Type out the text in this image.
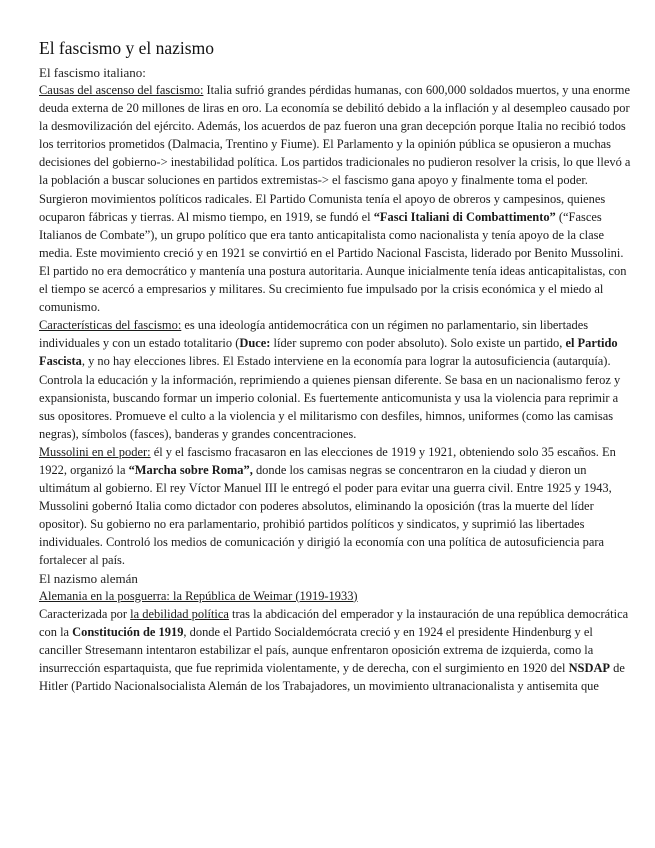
El fascismo y el nazismo
El fascismo italiano:

Causas del ascenso del fascismo: Italia sufrió grandes pérdidas humanas, con 600,000 soldados muertos, y una enorme deuda externa de 20 millones de liras en oro. La economía se debilitó debido a la inflación y al desempleo causado por la desmovilización del ejército. Además, los acuerdos de paz fueron una gran decepción porque Italia no recibió todos los territorios prometidos (Dalmacia, Trentino y Fiume). El Parlamento y la opinión pública se opusieron a muchas decisiones del gobierno-> inestabilidad política. Los partidos tradicionales no pudieron resolver la crisis, lo que llevó a la población a buscar soluciones en partidos extremistas-> el fascismo gana apoyo y finalmente toma el poder.

Surgieron movimientos políticos radicales. El Partido Comunista tenía el apoyo de obreros y campesinos, quienes ocuparon fábricas y tierras. Al mismo tiempo, en 1919, se fundó el “Fasci Italiani di Combattimento” (“Fasces Italianos de Combate”), un grupo político que era tanto anticapitalista como nacionalista y tenía apoyo de la clase media. Este movimiento creció y en 1921 se convirtió en el Partido Nacional Fascista, liderado por Benito Mussolini. El partido no era democrático y mantenía una postura autoritaria. Aunque inicialmente tenía ideas anticapitalistas, con el tiempo se acercó a empresarios y militares. Su crecimiento fue impulsado por la crisis económica y el miedo al comunismo.

Características del fascismo: es una ideología antidemocrática con un régimen no parlamentario, sin libertades individuales y con un estado totalitario (Duce: líder supremo con poder absoluto). Solo existe un partido, el Partido Fascista, y no hay elecciones libres. El Estado interviene en la economía para lograr la autosuficiencia (autarquía). Controla la educación y la información, reprimiendo a quienes piensan diferente. Se basa en un nacionalismo feroz y expansionista, buscando formar un imperio colonial. Es fuertemente anticomunista y usa la violencia para reprimir a sus opositores. Promueve el culto a la violencia y el militarismo con desfiles, himnos, uniformes (como las camisas negras), símbolos (fasces), banderas y grandes concentraciones.

Mussolini en el poder: él y el fascismo fracasaron en las elecciones de 1919 y 1921, obteniendo solo 35 escaños. En 1922, organizó la “Marcha sobre Roma”, donde los camisas negras se concentraron en la ciudad y dieron un ultimátum al gobierno. El rey Víctor Manuel III le entregó el poder para evitar una guerra civil. Entre 1925 y 1943, Mussolini gobernó Italia como dictador con poderes absolutos, eliminando la oposición (tras la muerte del líder opositor). Su gobierno no era parlamentario, prohibió partidos políticos y sindicatos, y suprimió las libertades individuales. Controló los medios de comunicación y dirigió la economía con una política de autosuficiencia para fortalecer al país.

El nazismo alemán

Alemania en la posguerra: la República de Weimar (1919-1933)

Caracterizada por la debilidad política tras la abdicación del emperador y la instauración de una república democrática con la Constitución de 1919, donde el Partido Socialdemócrata creció y en 1924 el presidente Hindenburg y el canciller Stresemann intentaron estabilizar el país, aunque enfrentaron oposición extrema de izquierda, como la insurrección espartaquista, que fue reprimida violentamente, y de derecha, con el surgimiento en 1920 del NSDAP de Hitler (Partido Nacionalsocialista Alemán de los Trabajadores, un movimiento ultranacionalista y antisemita que
